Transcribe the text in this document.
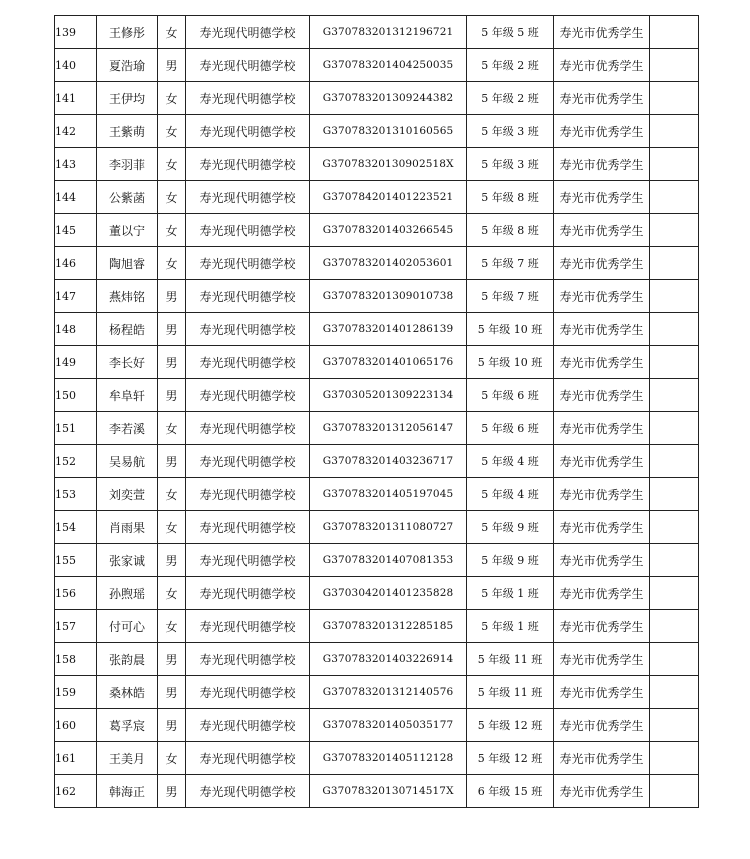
139	王修彤	女	寿光现代明德学校	G370783201312196721	5 年级 5 班	寿光市优秀学生	
140	夏浩瑜	男	寿光现代明德学校	G370783201404250035	5 年级 2 班	寿光市优秀学生	
141	王伊均	女	寿光现代明德学校	G370783201309244382	5 年级 2 班	寿光市优秀学生	
142	王紫萌	女	寿光现代明德学校	G370783201310160565	5 年级 3 班	寿光市优秀学生	
143	李羽菲	女	寿光现代明德学校	G37078320130902518X	5 年级 3 班	寿光市优秀学生	
144	公紫菡	女	寿光现代明德学校	G370784201401223521	5 年级 8 班	寿光市优秀学生	
145	董以宁	女	寿光现代明德学校	G370783201403266545	5 年级 8 班	寿光市优秀学生	
146	陶旭睿	女	寿光现代明德学校	G370783201402053601	5 年级 7 班	寿光市优秀学生	
147	燕炜铭	男	寿光现代明德学校	G370783201309010738	5 年级 7 班	寿光市优秀学生	
148	杨程皓	男	寿光现代明德学校	G370783201401286139	5 年级 10 班	寿光市优秀学生	
149	李长好	男	寿光现代明德学校	G370783201401065176	5 年级 10 班	寿光市优秀学生	
150	牟阜轩	男	寿光现代明德学校	G370305201309223134	5 年级 6 班	寿光市优秀学生	
151	李若溪	女	寿光现代明德学校	G370783201312056147	5 年级 6 班	寿光市优秀学生	
152	吴易航	男	寿光现代明德学校	G370783201403236717	5 年级 4 班	寿光市优秀学生	
153	刘奕萱	女	寿光现代明德学校	G370783201405197045	5 年级 4 班	寿光市优秀学生	
154	肖雨果	女	寿光现代明德学校	G370783201311080727	5 年级 9 班	寿光市优秀学生	
155	张家诚	男	寿光现代明德学校	G370783201407081353	5 年级 9 班	寿光市优秀学生	
156	孙煦瑶	女	寿光现代明德学校	G370304201401235828	5 年级 1 班	寿光市优秀学生	
157	付可心	女	寿光现代明德学校	G370783201312285185	5 年级 1 班	寿光市优秀学生	
158	张韵晨	男	寿光现代明德学校	G370783201403226914	5 年级 11 班	寿光市优秀学生	
159	桑林皓	男	寿光现代明德学校	G370783201312140576	5 年级 11 班	寿光市优秀学生	
160	葛孚宸	男	寿光现代明德学校	G370783201405035177	5 年级 12 班	寿光市优秀学生	
161	王美月	女	寿光现代明德学校	G370783201405112128	5 年级 12 班	寿光市优秀学生	
162	韩海正	男	寿光现代明德学校	G37078320130714517X	6 年级 15 班	寿光市优秀学生	
